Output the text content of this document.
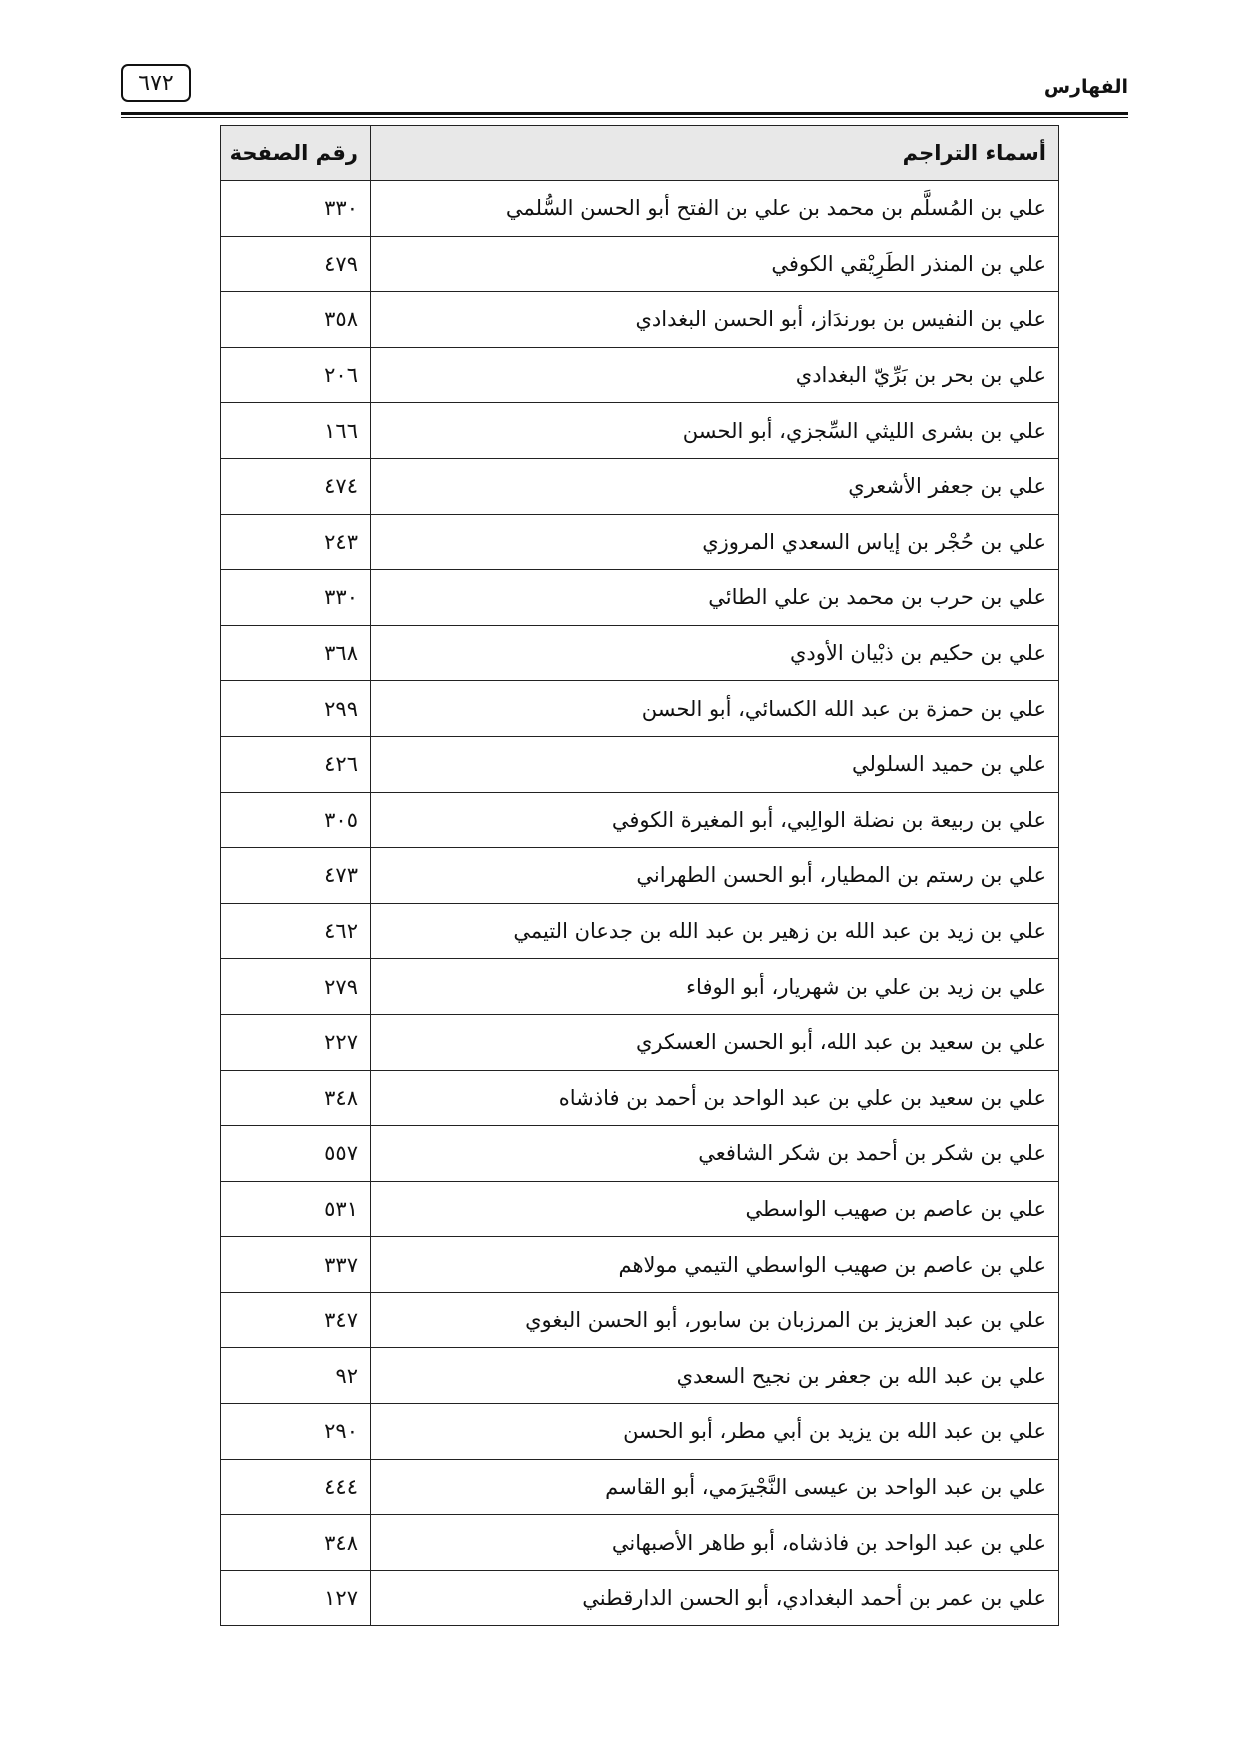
٦٧٢	الفهارس
أسماء التراجم	رقم الصفحة
علي بن المُسلَّم بن محمد بن علي بن الفتح أبو الحسن السُّلمي	٣٣٠
علي بن المنذر الطَرِيْقي الكوفي	٤٧٩
علي بن النفيس بن بورندَاز، أبو الحسن البغدادي	٣٥٨
علي بن بحر بن بَرِّيّ البغدادي	٢٠٦
علي بن بشرى الليثي السِّجزي، أبو الحسن	١٦٦
علي بن جعفر الأشعري	٤٧٤
علي بن حُجْر بن إياس السعدي المروزي	٢٤٣
علي بن حرب بن محمد بن علي الطائي	٣٣٠
علي بن حكيم بن ذبْيان الأودي	٣٦٨
علي بن حمزة بن عبد الله الكسائي، أبو الحسن	٢٩٩
علي بن حميد السلولي	٤٢٦
علي بن ربيعة بن نضلة الوالِبي، أبو المغيرة الكوفي	٣٠٥
علي بن رستم بن المطيار، أبو الحسن الطهراني	٤٧٣
علي بن زيد بن عبد الله بن زهير بن عبد الله بن جدعان التيمي	٤٦٢
علي بن زيد بن علي بن شهريار، أبو الوفاء	٢٧٩
علي بن سعيد بن عبد الله، أبو الحسن العسكري	٢٢٧
علي بن سعيد بن علي بن عبد الواحد بن أحمد بن فاذشاه	٣٤٨
علي بن شكر بن أحمد بن شكر الشافعي	٥٥٧
علي بن عاصم بن صهيب الواسطي	٥٣١
علي بن عاصم بن صهيب الواسطي التيمي مولاهم	٣٣٧
علي بن عبد العزيز بن المرزبان بن سابور، أبو الحسن البغوي	٣٤٧
علي بن عبد الله بن جعفر بن نجيح السعدي	٩٢
علي بن عبد الله بن يزيد بن أبي مطر، أبو الحسن	٢٩٠
علي بن عبد الواحد بن عيسى النَّجْيرَمي، أبو القاسم	٤٤٤
علي بن عبد الواحد بن فاذشاه، أبو طاهر الأصبهاني	٣٤٨
علي بن عمر بن أحمد البغدادي، أبو الحسن الدارقطني	١٢٧
